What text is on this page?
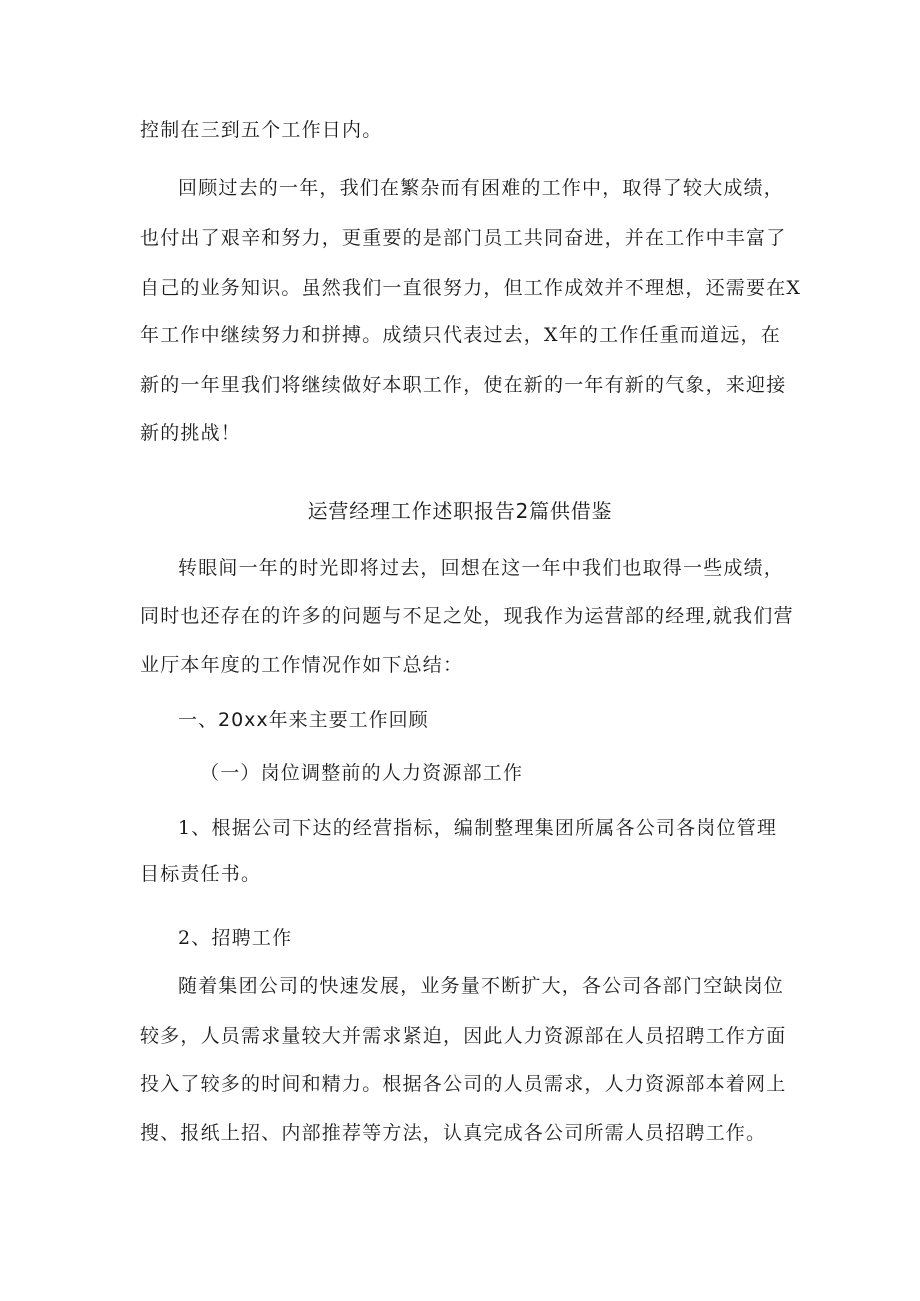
控制在三到五个工作日内。
回顾过去的一年，我们在繁杂而有困难的工作中，取得了较大成绩，
也付出了艰辛和努力，更重要的是部门员工共同奋进，并在工作中丰富了
自己的业务知识。虽然我们一直很努力，但工作成效并不理想，还需要在X
年工作中继续努力和拼搏。成绩只代表过去，X年的工作任重而道远，在
新的一年里我们将继续做好本职工作，使在新的一年有新的气象，来迎接
新的挑战！
运营经理工作述职报告2篇供借鉴
转眼间一年的时光即将过去，回想在这一年中我们也取得一些成绩，
同时也还存在的许多的问题与不足之处，现我作为运营部的经理,就我们营
业厅本年度的工作情况作如下总结：
一、20xx年来主要工作回顾
（一）岗位调整前的人力资源部工作
1、根据公司下达的经营指标，编制整理集团所属各公司各岗位管理
目标责任书。
2、招聘工作
随着集团公司的快速发展，业务量不断扩大，各公司各部门空缺岗位
较多，人员需求量较大并需求紧迫，因此人力资源部在人员招聘工作方面
投入了较多的时间和精力。根据各公司的人员需求，人力资源部本着网上
搜、报纸上招、内部推荐等方法，认真完成各公司所需人员招聘工作。
